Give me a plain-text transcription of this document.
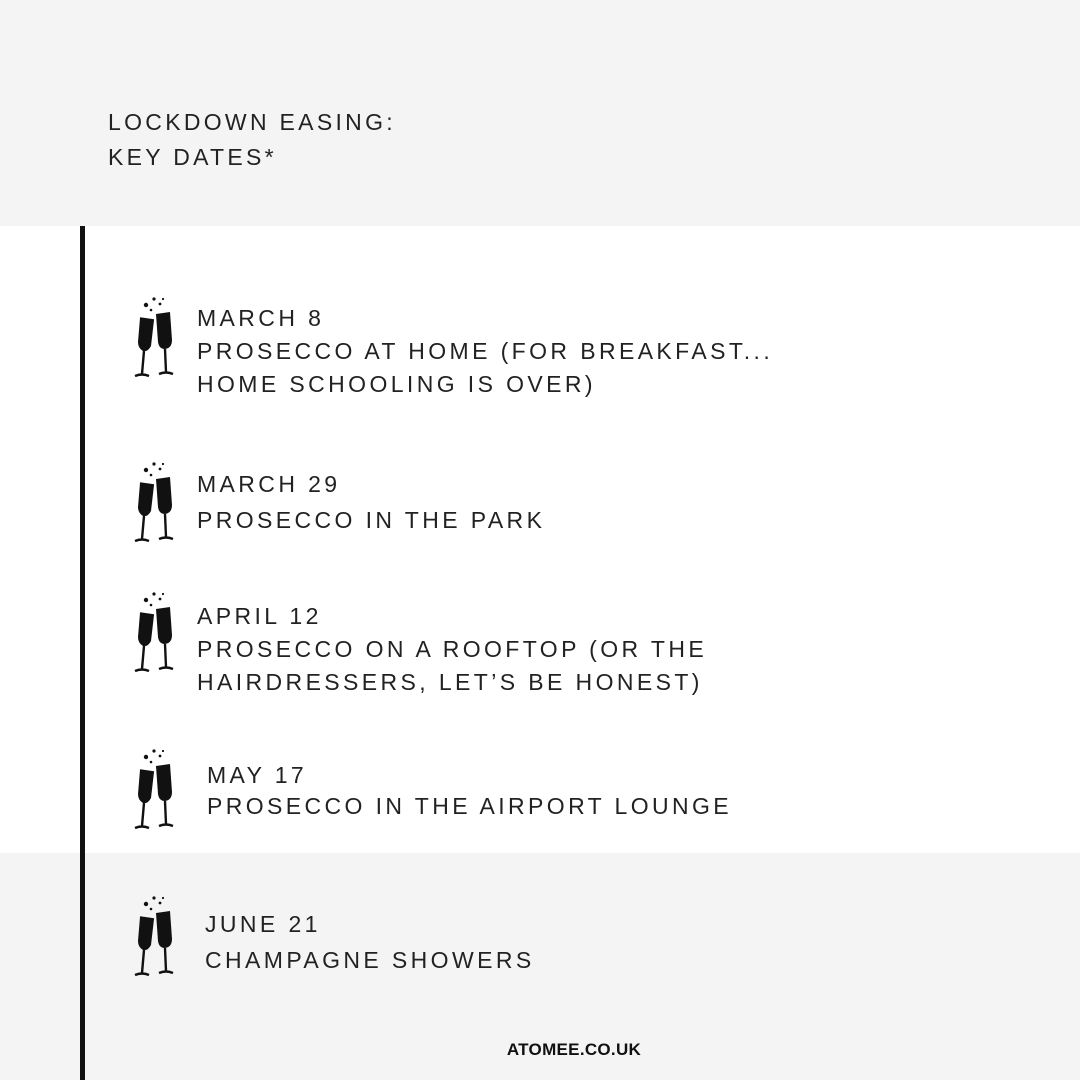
LOCKDOWN EASING:
KEY DATES*
MARCH 8
PROSECCO AT HOME (FOR BREAKFAST...
HOME SCHOOLING IS OVER)
MARCH 29
PROSECCO IN THE PARK
APRIL 12
PROSECCO ON A ROOFTOP (OR THE
HAIRDRESSERS, LET’S BE HONEST)
MAY 17
PROSECCO IN THE AIRPORT LOUNGE
JUNE 21
CHAMPAGNE SHOWERS
ATOMEE.CO.UK
